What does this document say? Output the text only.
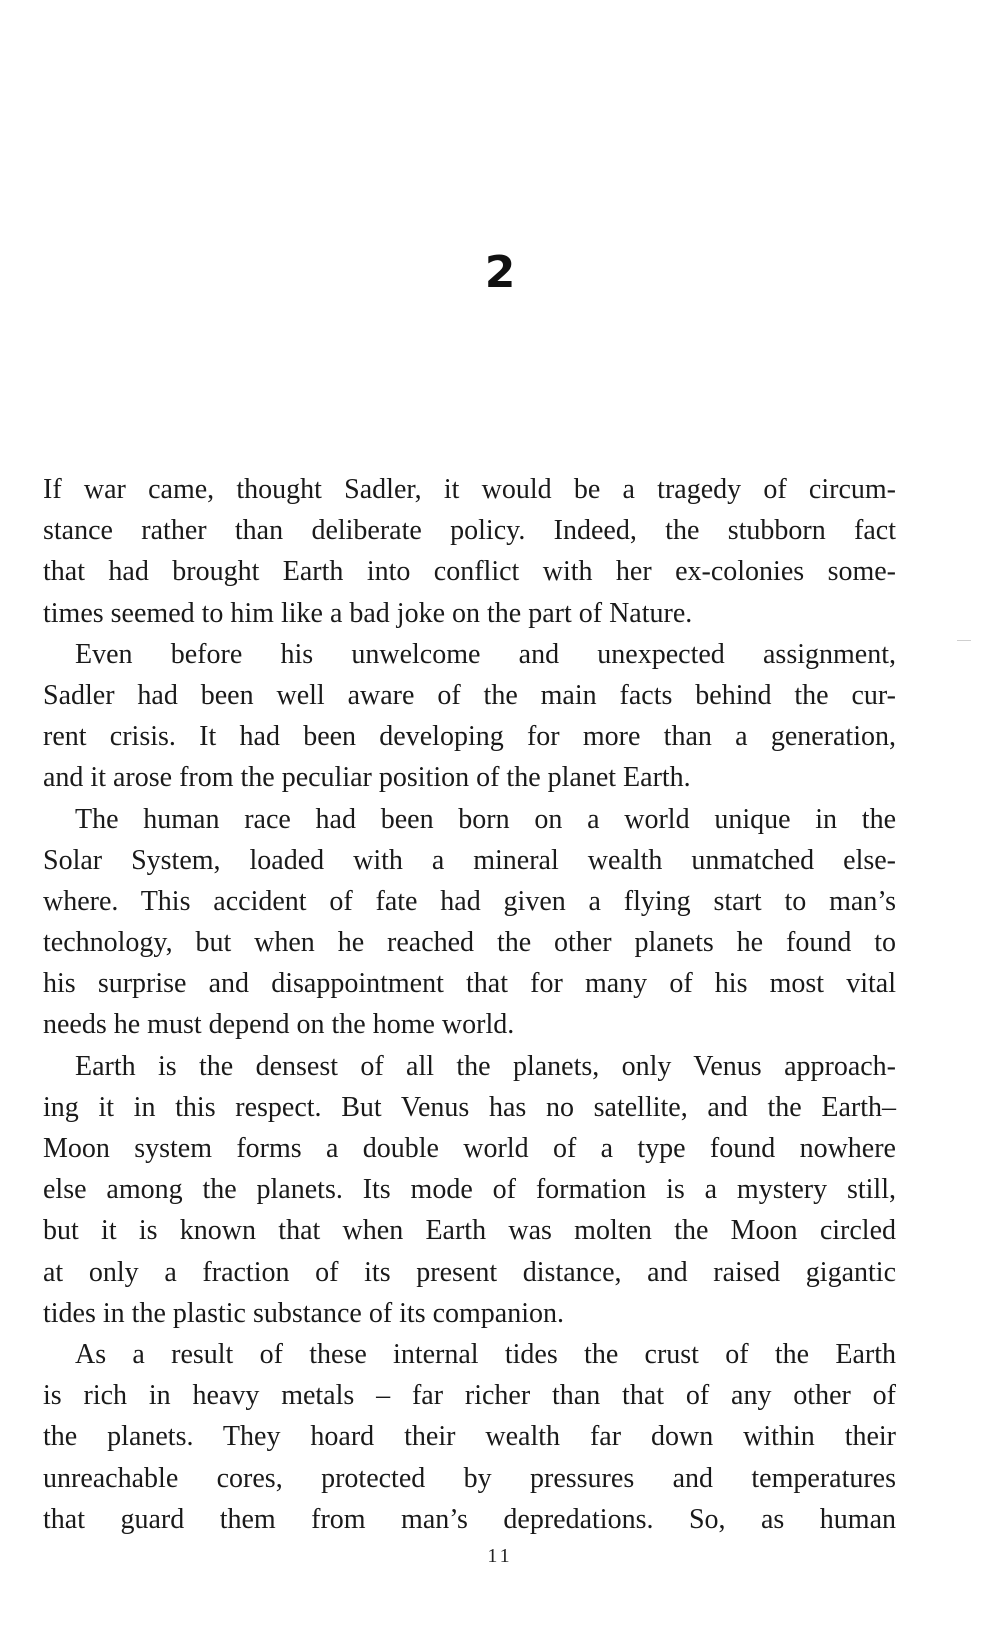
2
If war came, thought Sadler, it would be a tragedy of circum-
stance rather than deliberate policy. Indeed, the stubborn fact
that had brought Earth into conflict with her ex-colonies some-
times seemed to him like a bad joke on the part of Nature.
Even before his unwelcome and unexpected assignment,
Sadler had been well aware of the main facts behind the cur-
rent crisis. It had been developing for more than a generation,
and it arose from the peculiar position of the planet Earth.
The human race had been born on a world unique in the
Solar System, loaded with a mineral wealth unmatched else-
where. This accident of fate had given a flying start to man’s
technology, but when he reached the other planets he found to
his surprise and disappointment that for many of his most vital
needs he must depend on the home world.
Earth is the densest of all the planets, only Venus approach-
ing it in this respect. But Venus has no satellite, and the Earth–
Moon system forms a double world of a type found nowhere
else among the planets. Its mode of formation is a mystery still,
but it is known that when Earth was molten the Moon circled
at only a fraction of its present distance, and raised gigantic
tides in the plastic substance of its companion.
As a result of these internal tides the crust of the Earth
is rich in heavy metals – far richer than that of any other of
the planets. They hoard their wealth far down within their
unreachable cores, protected by pressures and temperatures
that guard them from man’s depredations. So, as human
11
